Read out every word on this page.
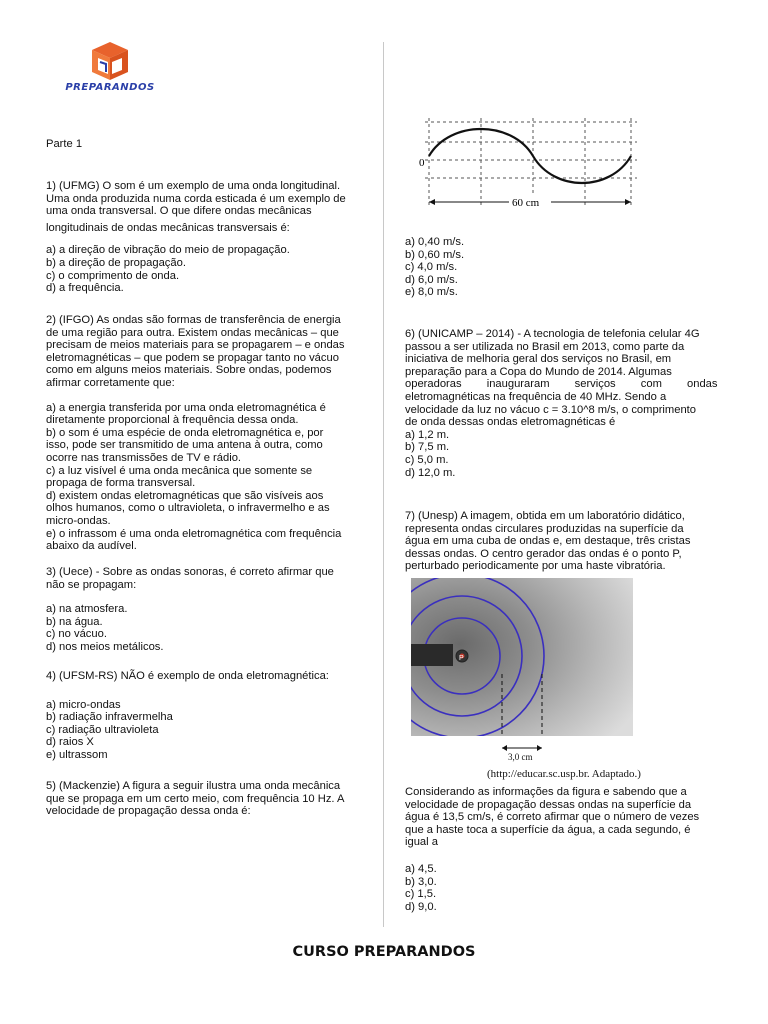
PREPARANDOS

Parte 1

1) (UFMG) O som é um exemplo de uma onda longitudinal.

Uma onda produzida numa corda esticada é um exemplo de

uma onda transversal. O que difere ondas mecânicas

longitudinais de ondas mecânicas transversais é:

a) a direção de vibração do meio de propagação.

b) a direção de propagação.

c) o comprimento de onda.

d) a frequência.

2) (IFGO) As ondas são formas de transferência de energia

de uma região para outra. Existem ondas mecânicas – que

precisam de meios materiais para se propagarem – e ondas

eletromagnéticas – que podem se propagar tanto no vácuo

como em alguns meios materiais. Sobre ondas, podemos

afirmar corretamente que:

a) a energia transferida por uma onda eletromagnética é

diretamente proporcional à frequência dessa onda.

b) o som é uma espécie de onda eletromagnética e, por

isso, pode ser transmitido de uma antena à outra, como

ocorre nas transmissões de TV e rádio.

c) a luz visível é uma onda mecânica que somente se

propaga de forma transversal.

d) existem ondas eletromagnéticas que são visíveis aos

olhos humanos, como o ultravioleta, o infravermelho e as

micro-ondas.

e) o infrassom é uma onda eletromagnética com frequência

abaixo da audível.

3) (Uece) - Sobre as ondas sonoras, é correto afirmar que

não se propagam:

a) na atmosfera.

b) na água.

c) no vácuo.

d) nos meios metálicos.

4) (UFSM-RS) NÃO é exemplo de onda eletromagnética:

a) micro-ondas

b) radiação infravermelha

c) radiação ultravioleta

d) raios X

e) ultrassom

5) (Mackenzie) A figura a seguir ilustra uma onda mecânica

que se propaga em um certo meio, com frequência 10 Hz. A

velocidade de propagação dessa onda é:

0
60 cm

a) 0,40 m/s.

b) 0,60 m/s.

c) 4,0 m/s.

d) 6,0 m/s.

e) 8,0 m/s.

6) (UNICAMP – 2014) - A tecnologia de telefonia celular 4G

passou a ser utilizada no Brasil em 2013, como parte da

iniciativa de melhoria geral dos serviços no Brasil, em

preparação para a Copa do Mundo de 2014. Algumas

operadoras inauguraram serviços com ondas

eletromagnéticas na frequência de 40 MHz. Sendo a

velocidade da luz no vácuo c = 3.10^8 m/s, o comprimento

de onda dessas ondas eletromagnéticas é

a) 1,2 m.

b) 7,5 m.

c) 5,0 m.

d) 12,0 m.

7) (Unesp) A imagem, obtida em um laboratório didático,

representa ondas circulares produzidas na superfície da

água em uma cuba de ondas e, em destaque, três cristas

dessas ondas. O centro gerador das ondas é o ponto P,

perturbado periodicamente por uma haste vibratória.

Considerando as informações da figura e sabendo que a

velocidade de propagação dessas ondas na superfície da

água é 13,5 cm/s, é correto afirmar que o número de vezes

que a haste toca a superfície da água, a cada segundo, é

igual a

a) 4,5.

b) 3,0.

c) 1,5.

d) 9,0.

P
3,0 cm
(http://educar.sc.usp.br. Adaptado.)
CURSO PREPARANDOS
